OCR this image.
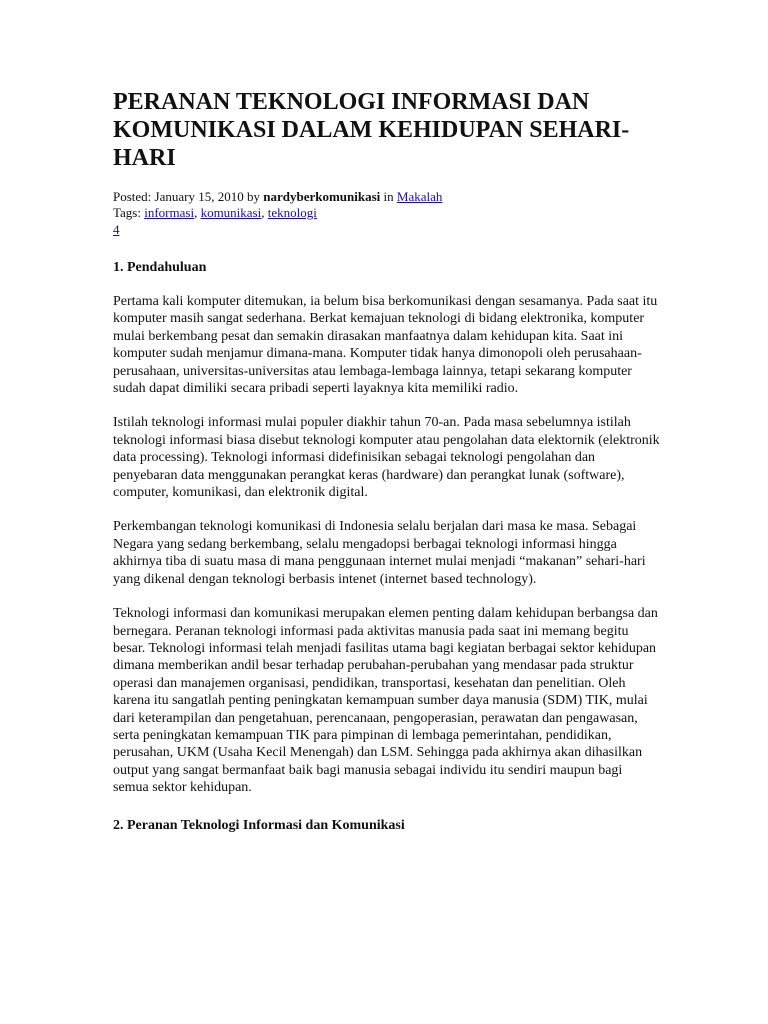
PERANAN TEKNOLOGI INFORMASI DAN KOMUNIKASI DALAM KEHIDUPAN SEHARI-HARI
Posted: January 15, 2010 by nardyberkomunikasi in Makalah
Tags: informasi, komunikasi, teknologi
4
1. Pendahuluan

Pertama kali komputer ditemukan, ia belum bisa berkomunikasi dengan sesamanya. Pada saat itu komputer masih sangat sederhana. Berkat kemajuan teknologi di bidang elektronika, komputer mulai berkembang pesat dan semakin dirasakan manfaatnya dalam kehidupan kita. Saat ini komputer sudah menjamur dimana-mana. Komputer tidak hanya dimonopoli oleh perusahaan-perusahaan, universitas-universitas atau lembaga-lembaga lainnya, tetapi sekarang komputer sudah dapat dimiliki secara pribadi seperti layaknya kita memiliki radio.

Istilah teknologi informasi mulai populer diakhir tahun 70-an. Pada masa sebelumnya istilah teknologi informasi biasa disebut teknologi komputer atau pengolahan data elektornik (elektronik data processing). Teknologi informasi didefinisikan sebagai teknologi pengolahan dan penyebaran data menggunakan perangkat keras (hardware) dan perangkat lunak (software), computer, komunikasi, dan elektronik digital.

Perkembangan teknologi komunikasi di Indonesia selalu berjalan dari masa ke masa. Sebagai Negara yang sedang berkembang, selalu mengadopsi berbagai teknologi informasi hingga akhirnya tiba di suatu masa di mana penggunaan internet mulai menjadi “makanan” sehari-hari yang dikenal dengan teknologi berbasis intenet (internet based technology).

Teknologi informasi dan komunikasi merupakan elemen penting dalam kehidupan berbangsa dan bernegara. Peranan teknologi informasi pada aktivitas manusia pada saat ini memang begitu besar. Teknologi informasi telah menjadi fasilitas utama bagi kegiatan berbagai sektor kehidupan dimana memberikan andil besar terhadap perubahan-perubahan yang mendasar pada struktur operasi dan manajemen organisasi, pendidikan, transportasi, kesehatan dan penelitian. Oleh karena itu sangatlah penting peningkatan kemampuan sumber daya manusia (SDM) TIK, mulai dari keterampilan dan pengetahuan, perencanaan, pengoperasian, perawatan dan pengawasan, serta peningkatan kemampuan TIK para pimpinan di lembaga pemerintahan, pendidikan, perusahan, UKM (Usaha Kecil Menengah) dan LSM. Sehingga pada akhirnya akan dihasilkan output yang sangat bermanfaat baik bagi manusia sebagai individu itu sendiri maupun bagi semua sektor kehidupan.

2. Peranan Teknologi Informasi dan Komunikasi
